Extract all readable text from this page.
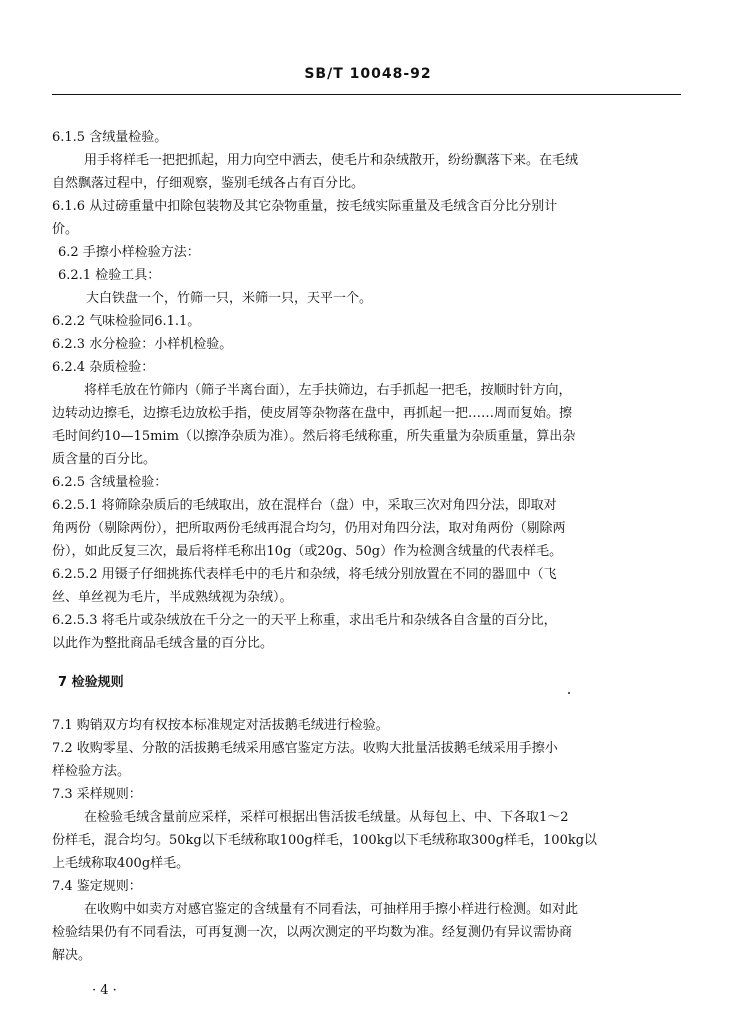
SB/T 10048-92
6.1.5 含绒量检验。
用手将样毛一把把抓起，用力向空中洒去，使毛片和杂绒散开，纷纷飘落下来。在毛绒
自然飘落过程中，仔细观察，鉴别毛绒各占有百分比。
6.1.6 从过磅重量中扣除包装物及其它杂物重量，按毛绒实际重量及毛绒含百分比分别计
价。
6.2 手擦小样检验方法：
6.2.1 检验工具：
大白铁盘一个，竹筛一只，米筛一只，天平一个。
6.2.2 气味检验同6.1.1。
6.2.3 水分检验：小样机检验。
6.2.4 杂质检验：
将样毛放在竹筛内（筛子半离台面），左手扶筛边，右手抓起一把毛，按顺时针方向，
边转动边擦毛，边擦毛边放松手指，使皮屑等杂物落在盘中，再抓起一把……周而复始。擦
毛时间约10—15mim（以擦净杂质为准）。然后将毛绒称重，所失重量为杂质重量，算出杂
质含量的百分比。
6.2.5 含绒量检验：
6.2.5.1 将筛除杂质后的毛绒取出，放在混样台（盘）中，采取三次对角四分法，即取对
角两份（剔除两份），把所取两份毛绒再混合均匀，仍用对角四分法，取对角两份（剔除两
份），如此反复三次，最后将样毛称出10g（或20g、50g）作为检测含绒量的代表样毛。
6.2.5.2 用镊子仔细挑拣代表样毛中的毛片和杂绒，将毛绒分别放置在不同的器皿中（飞
丝、单丝视为毛片，半成熟绒视为杂绒）。
6.2.5.3 将毛片或杂绒放在千分之一的天平上称重，求出毛片和杂绒各自含量的百分比，
以此作为整批商品毛绒含量的百分比。
7 检验规则
7.1 购销双方均有权按本标准规定对活拔鹅毛绒进行检验。
7.2 收购零星、分散的活拔鹅毛绒采用感官鉴定方法。收购大批量活拔鹅毛绒采用手擦小
样检验方法。
7.3 采样规则：
在检验毛绒含量前应采样，采样可根据出售活拔毛绒量。从每包上、中、下各取1～2
份样毛，混合均匀。50kg以下毛绒称取100g样毛，100kg以下毛绒称取300g样毛，100kg以
上毛绒称取400g样毛。
7.4 鉴定规则：
在收购中如卖方对感官鉴定的含绒量有不同看法，可抽样用手擦小样进行检测。如对此
检验结果仍有不同看法，可再复测一次，以两次测定的平均数为准。经复测仍有异议需协商
解决。
· 4 ·
